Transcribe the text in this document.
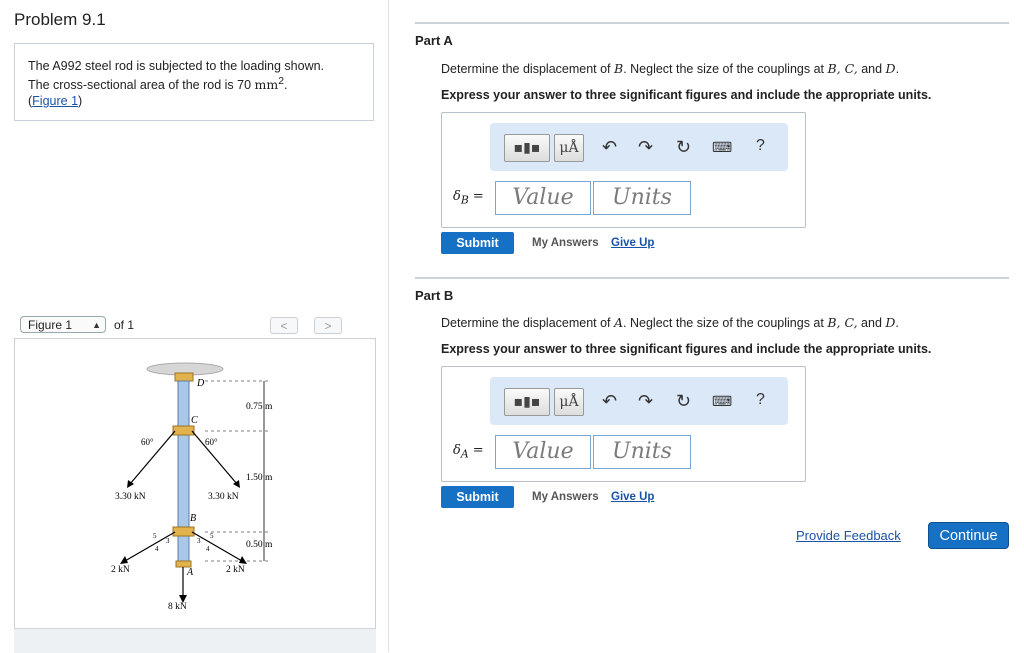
Problem 9.1
The A992 steel rod is subjected to the loading shown.
The cross-sectional area of the rod is 70 $mm^2$.
(Figure 1)
Figure 1 ▲ of 1	<	>
D
C
B
A
0.75 m
1.50 m
0.50 m
60°	60°
3.30 kN	3.30 kN
2 kN	2 kN
8 kN
5
3
4
5
3
4
Part A
Determine the displacement of B. Neglect the size of the couplings at B, C, and D.
Express your answer to three significant figures and include the appropriate units.
▪▮▪	μÅ ↶ ↷ ↻ ⌨ ?
$\delta_B$ =	Value	Units
Submit	My Answers Give Up
Part B
Determine the displacement of A. Neglect the size of the couplings at B, C, and D.
Express your answer to three significant figures and include the appropriate units.
▪▮▪	μÅ ↶ ↷ ↻ ⌨ ?
$\delta_A$ =	Value	Units
Submit	My Answers Give Up
Provide Feedback	Continue
